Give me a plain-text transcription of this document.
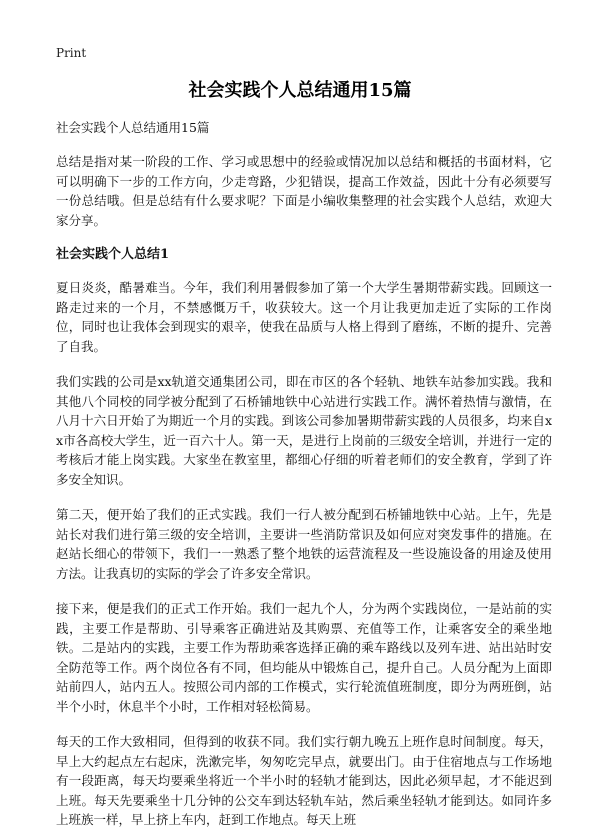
Print
社会实践个人总结通用15篇

社会实践个人总结通用15篇

总结是指对某一阶段的工作、学习或思想中的经验或情况加以总结和概括的书面材料，它可以明确下一步的工作方向，少走弯路，少犯错误，提高工作效益，因此十分有必须要写一份总结哦。但是总结有什么要求呢？下面是小编收集整理的社会实践个人总结，欢迎大家分享。

社会实践个人总结1

夏日炎炎，酷暑难当。今年，我们利用暑假参加了第一个大学生暑期带薪实践。回顾这一路走过来的一个月，不禁感慨万千，收获较大。这一个月让我更加走近了实际的工作岗位，同时也让我体会到现实的艰辛，使我在品质与人格上得到了磨练，不断的提升、完善了自我。

我们实践的公司是xx轨道交通集团公司，即在市区的各个轻轨、地铁车站参加实践。我和其他八个同校的同学被分配到了石桥铺地铁中心站进行实践工作。满怀着热情与激情，在八月十六日开始了为期近一个月的实践。到该公司参加暑期带薪实践的人员很多，均来自xx市各高校大学生，近一百六十人。第一天，是进行上岗前的三级安全培训，并进行一定的考核后才能上岗实践。大家坐在教室里，都细心仔细的听着老师们的安全教育，学到了许多安全知识。

第二天，便开始了我们的正式实践。我们一行人被分配到石桥铺地铁中心站。上午，先是站长对我们进行第三级的安全培训，主要讲一些消防常识及如何应对突发事件的措施。在赵站长细心的带领下，我们一一熟悉了整个地铁的运营流程及一些设施设备的用途及使用方法。让我真切的实际的学会了许多安全常识。

接下来，便是我们的正式工作开始。我们一起九个人，分为两个实践岗位，一是站前的实践，主要工作是帮助、引导乘客正确进站及其购票、充值等工作，让乘客安全的乘坐地铁。二是站内的实践，主要工作为帮助乘客选择正确的乘车路线以及列车进、站出站时安全防范等工作。两个岗位各有不同，但均能从中锻炼自己，提升自己。人员分配为上面即站前四人，站内五人。按照公司内部的工作模式，实行轮流值班制度，即分为两班倒，站半个小时，休息半个小时，工作相对轻松简易。

每天的工作大致相同，但得到的收获不同。我们实行朝九晚五上班作息时间制度。每天，早上大约起点左右起床，洗漱完毕，匆匆吃完早点，就要出门。由于住宿地点与工作场地有一段距离，每天均要乘坐将近一个半小时的轻轨才能到达，因此必须早起，才不能迟到上班。每天先要乘坐十几分钟的公交车到达轻轨车站，然后乘坐轻轨才能到达。如同许多上班族一样，早上挤上车内，赶到工作地点。每天上班
